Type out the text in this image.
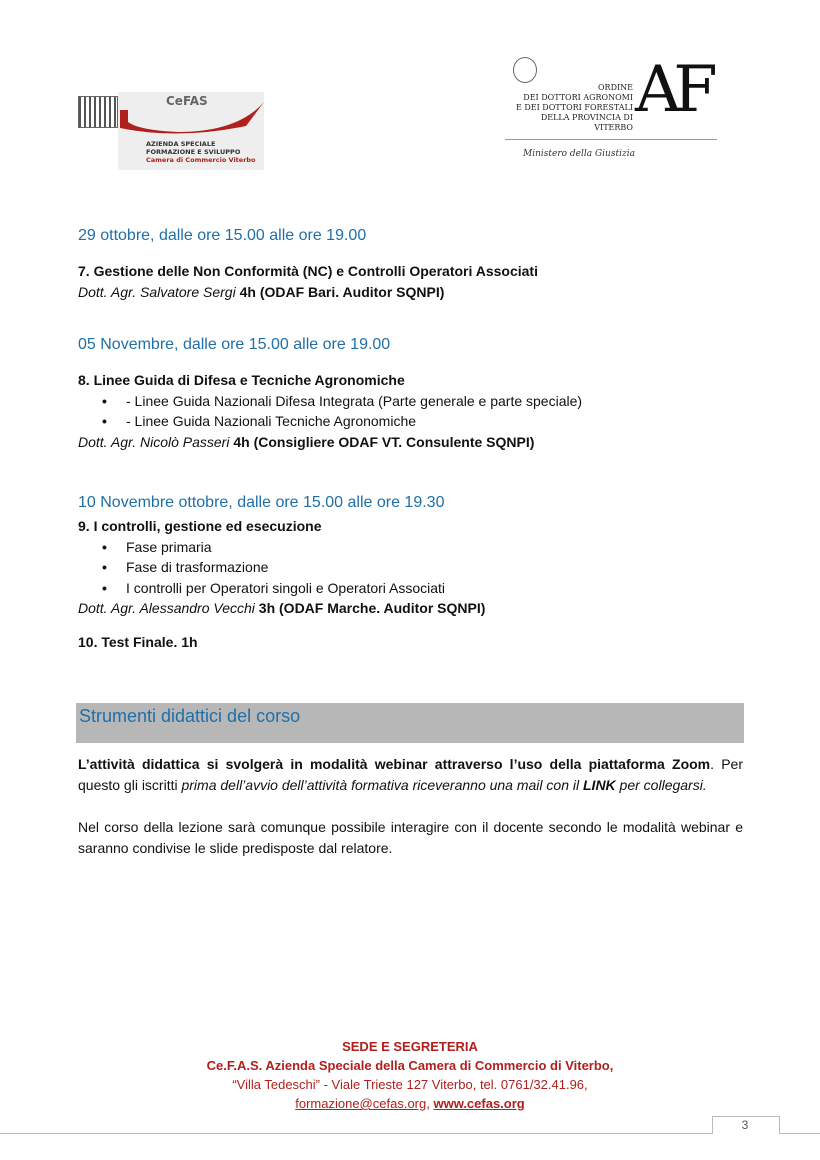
CeFAS
AZIENDA SPECIALE
FORMAZIONE E SVILUPPO
Camera di Commercio Viterbo
ORDINE
DEI DOTTORI AGRONOMI
E DEI DOTTORI FORESTALI
DELLA PROVINCIA DI VITERBO
AF
Ministero della Giustizia
29 ottobre, dalle ore 15.00 alle ore 19.00
7. Gestione delle Non Conformità (NC) e Controlli Operatori Associati
Dott. Agr. Salvatore Sergi 4h (ODAF Bari. Auditor SQNPI)
05 Novembre, dalle ore 15.00 alle ore 19.00
8. Linee Guida di Difesa e Tecniche Agronomiche
• - Linee Guida Nazionali Difesa Integrata (Parte generale e parte speciale)
• - Linee Guida Nazionali Tecniche Agronomiche
Dott. Agr. Nicolò Passeri 4h (Consigliere ODAF VT. Consulente SQNPI)
10 Novembre ottobre, dalle ore 15.00 alle ore 19.30
9. I controlli, gestione ed esecuzione
• Fase primaria
• Fase di trasformazione
• I controlli per Operatori singoli e Operatori Associati
Dott. Agr. Alessandro Vecchi 3h (ODAF Marche. Auditor SQNPI)
10. Test Finale. 1h
Strumenti didattici del corso
L’attività didattica si svolgerà in modalità webinar attraverso l’uso della piattaforma Zoom. Per questo gli iscritti prima dell’avvio dell’attività formativa riceveranno una mail con il LINK per collegarsi.
Nel corso della lezione sarà comunque possibile interagire con il docente secondo le modalità webinar e saranno condivise le slide predisposte dal relatore.
SEDE E SEGRETERIA
Ce.F.A.S. Azienda Speciale della Camera di Commercio di Viterbo,
“Villa Tedeschi” - Viale Trieste 127 Viterbo, tel. 0761/32.41.96,
formazione@cefas.org, www.cefas.org
3
